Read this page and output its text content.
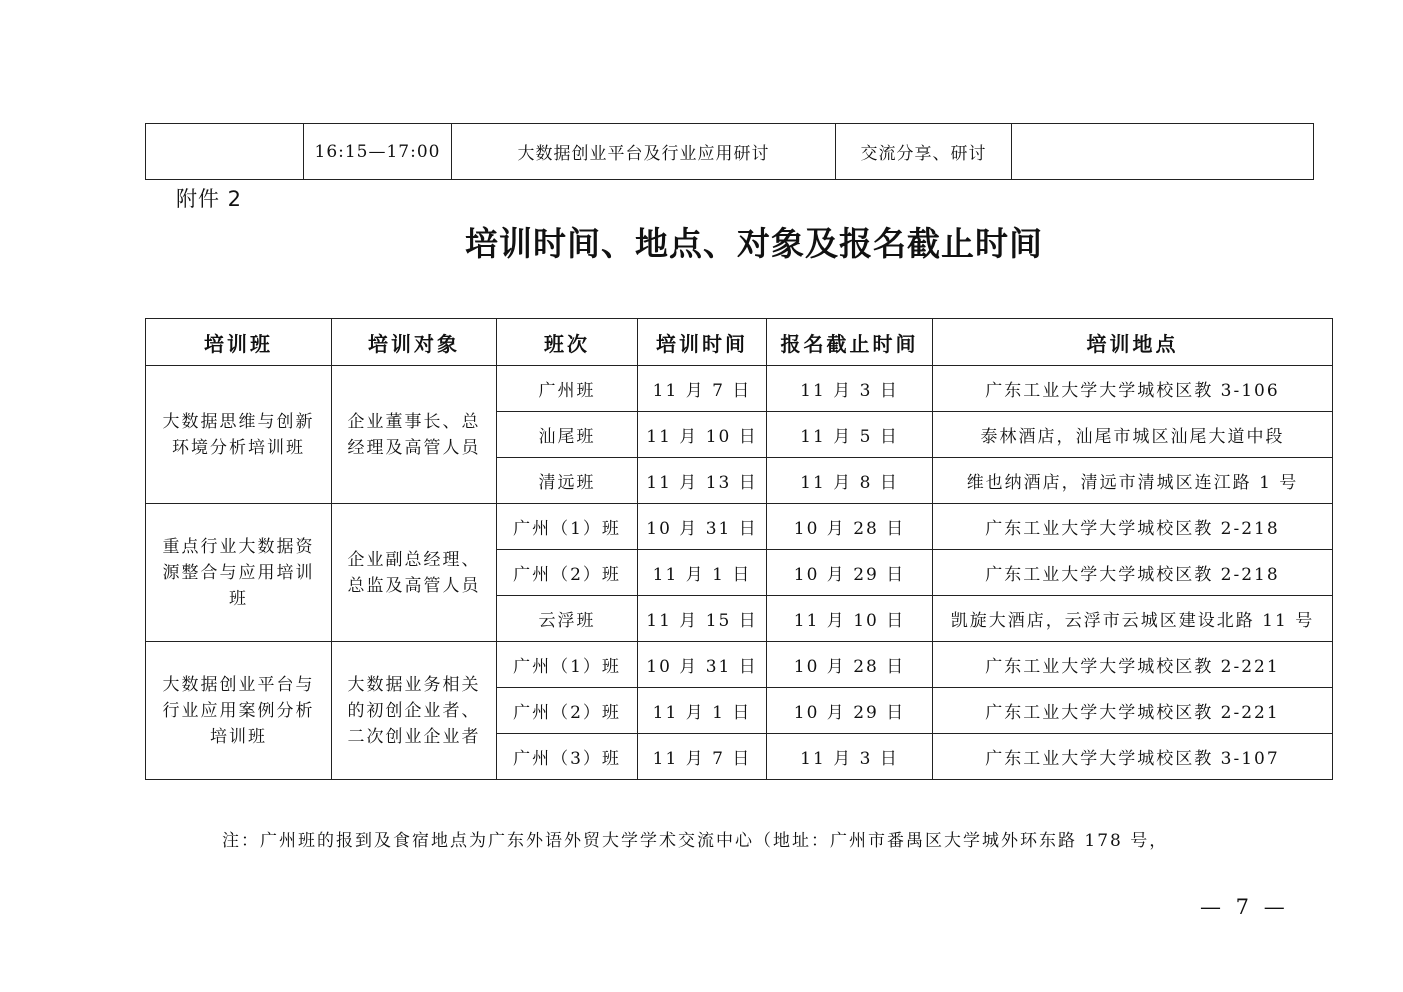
	16:15—17:00	大数据创业平台及行业应用研讨	交流分享、研讨	
附件 2
培训时间、地点、对象及报名截止时间
培训班	培训对象	班次	培训时间	报名截止时间	培训地点
大数据思维与创新环境分析培训班	企业董事长、总经理及高管人员	广州班	11 月 7 日	11 月 3 日	广东工业大学大学城校区教 3-106
		汕尾班	11 月 10 日	11 月 5 日	泰林酒店，汕尾市城区汕尾大道中段
		清远班	11 月 13 日	11 月 8 日	维也纳酒店，清远市清城区连江路 1 号
重点行业大数据资源整合与应用培训班	企业副总经理、总监及高管人员	广州（1）班	10 月 31 日	10 月 28 日	广东工业大学大学城校区教 2-218
		广州（2）班	11 月 1 日	10 月 29 日	广东工业大学大学城校区教 2-218
		云浮班	11 月 15 日	11 月 10 日	凯旋大酒店，云浮市云城区建设北路 11 号
大数据创业平台与行业应用案例分析培训班	大数据业务相关的初创企业者、二次创业企业者	广州（1）班	10 月 31 日	10 月 28 日	广东工业大学大学城校区教 2-221
		广州（2）班	11 月 1 日	10 月 29 日	广东工业大学大学城校区教 2-221
		广州（3）班	11 月 7 日	11 月 3 日	广东工业大学大学城校区教 3-107
注：广州班的报到及食宿地点为广东外语外贸大学学术交流中心（地址：广州市番禺区大学城外环东路 178 号，
— 7 —
